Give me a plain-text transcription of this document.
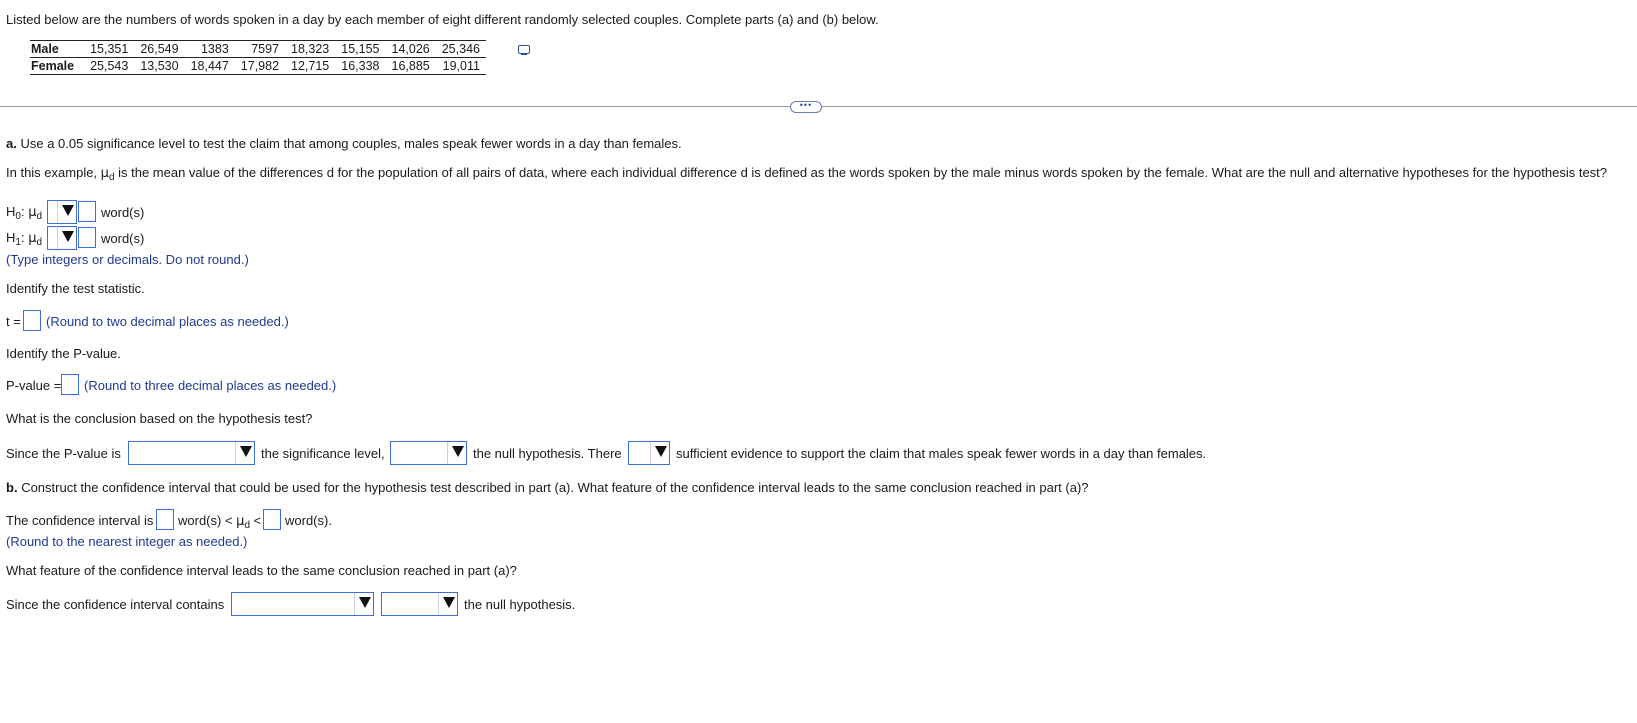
Listed below are the numbers of words spoken in a day by each member of eight different randomly selected couples. Complete parts (a) and (b) below.
Male	15,351	26,549	1383	7597	18,323	15,155	14,026	25,346
Female	25,543	13,530	18,447	17,982	12,715	16,338	16,885	19,011
•••
a. Use a 0.05 significance level to test the claim that among couples, males speak fewer words in a day than females.
In this example, $\mu_d$ is the mean value of the differences d for the population of all pairs of data, where each individual difference d is defined as the words spoken by the male minus words spoken by the female. What are the null and alternative hypotheses for the hypothesis test?
$H_0$: $\mu_d$	word(s)
$H_1$: $\mu_d$	word(s)
(Type integers or decimals. Do not round.)
Identify the test statistic.
t = (Round to two decimal places as needed.)
Identify the P-value.
P-value = (Round to three decimal places as needed.)
What is the conclusion based on the hypothesis test?
Since the P-value is	the significance level,	the null hypothesis. There	sufficient evidence to support the claim that males speak fewer words in a day than females.
b. Construct the confidence interval that could be used for the hypothesis test described in part (a). What feature of the confidence interval leads to the same conclusion reached in part (a)?
The confidence interval is word(s) < $\mu_d$ < word(s).
(Round to the nearest integer as needed.)
What feature of the confidence interval leads to the same conclusion reached in part (a)?
Since the confidence interval contains	the null hypothesis.
